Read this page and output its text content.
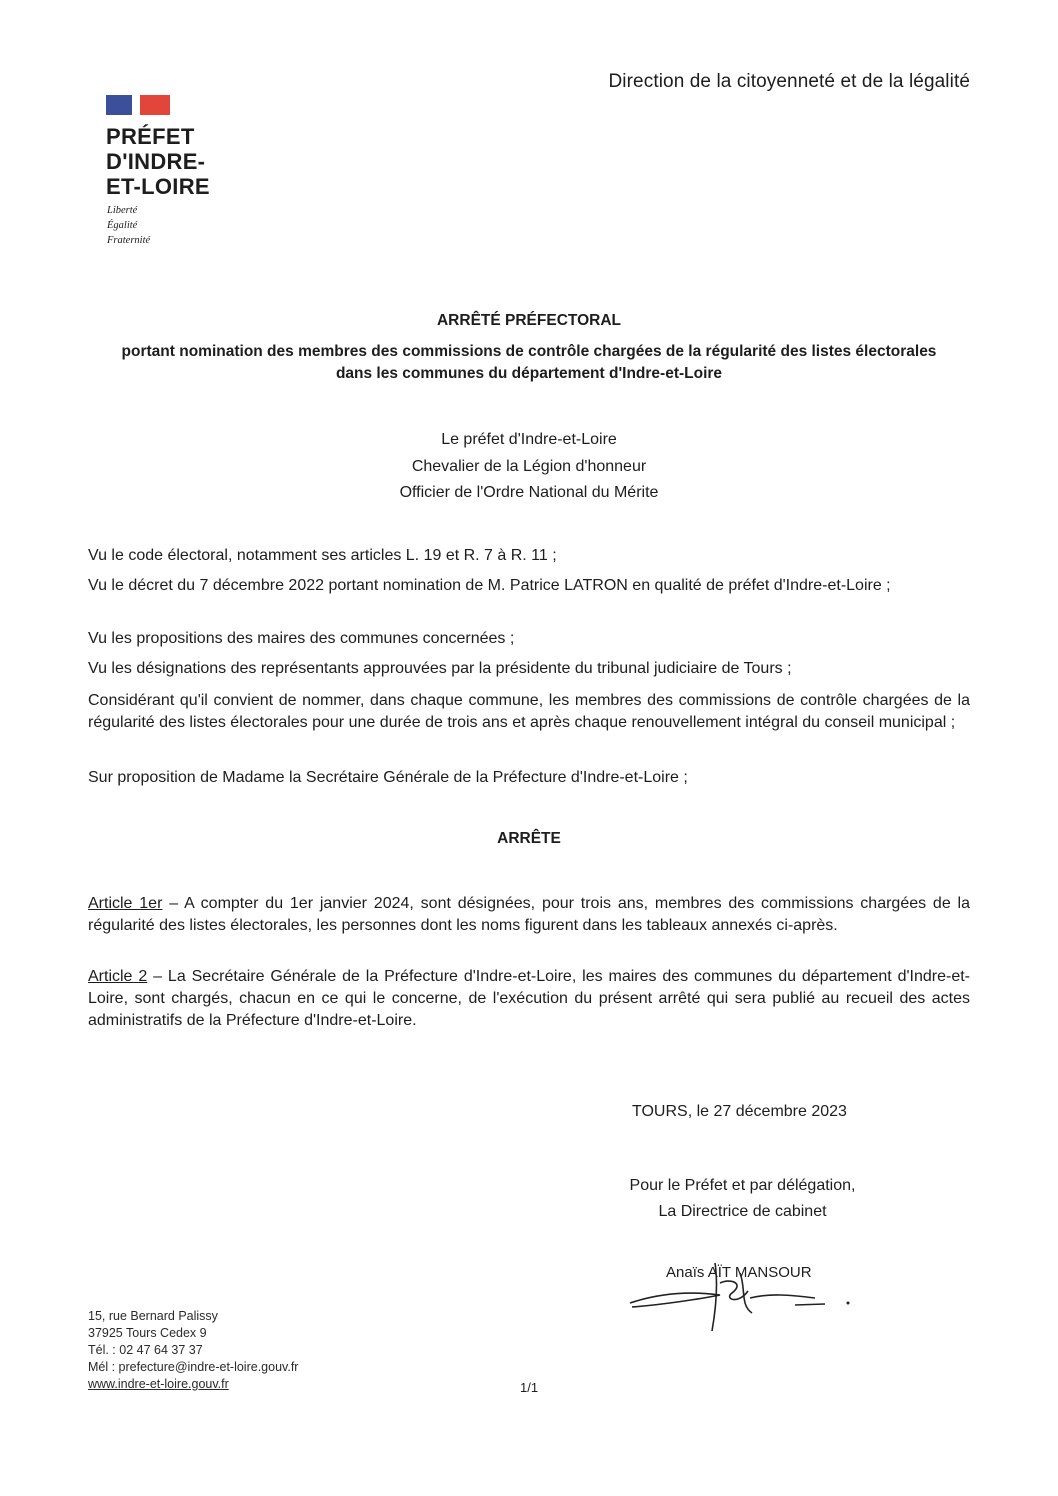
Direction de la citoyenneté et de la légalité
PRÉFET
D'INDRE-
ET-LOIRE
Liberté
Égalité
Fraternité
ARRÊTÉ PRÉFECTORAL
portant nomination des membres des commissions de contrôle chargées de la régularité des listes électorales dans les communes du département d'Indre-et-Loire
Le préfet d'Indre-et-Loire
Chevalier de la Légion d'honneur
Officier de l'Ordre National du Mérite
Vu le code électoral, notamment ses articles L. 19 et R. 7 à R. 11 ;
Vu le décret du 7 décembre 2022 portant nomination de M. Patrice LATRON en qualité de préfet d'Indre-et-Loire ;
Vu les propositions des maires des communes concernées ;
Vu les désignations des représentants approuvées par la présidente du tribunal judiciaire de Tours ;
Considérant qu'il convient de nommer, dans chaque commune, les membres des commissions de contrôle chargées de la régularité des listes électorales pour une durée de trois ans et après chaque renouvellement intégral du conseil municipal ;
Sur proposition de Madame la Secrétaire Générale de la Préfecture d'Indre-et-Loire ;
ARRÊTE
Article 1er – A compter du 1er janvier 2024, sont désignées, pour trois ans, membres des commissions chargées de la régularité des listes électorales, les personnes dont les noms figurent dans les tableaux annexés ci-après.
Article 2 – La Secrétaire Générale de la Préfecture d'Indre-et-Loire, les maires des communes du département d'Indre-et-Loire, sont chargés, chacun en ce qui le concerne, de l'exécution du présent arrêté qui sera publié au recueil des actes administratifs de la Préfecture d'Indre-et-Loire.
TOURS, le 27 décembre 2023
Pour le Préfet et par délégation,
La Directrice de cabinet
Anaïs AÏT MANSOUR
15, rue Bernard Palissy
37925 Tours Cedex 9
Tél. : 02 47 64 37 37
Mél : prefecture@indre-et-loire.gouv.fr
www.indre-et-loire.gouv.fr	1/1
